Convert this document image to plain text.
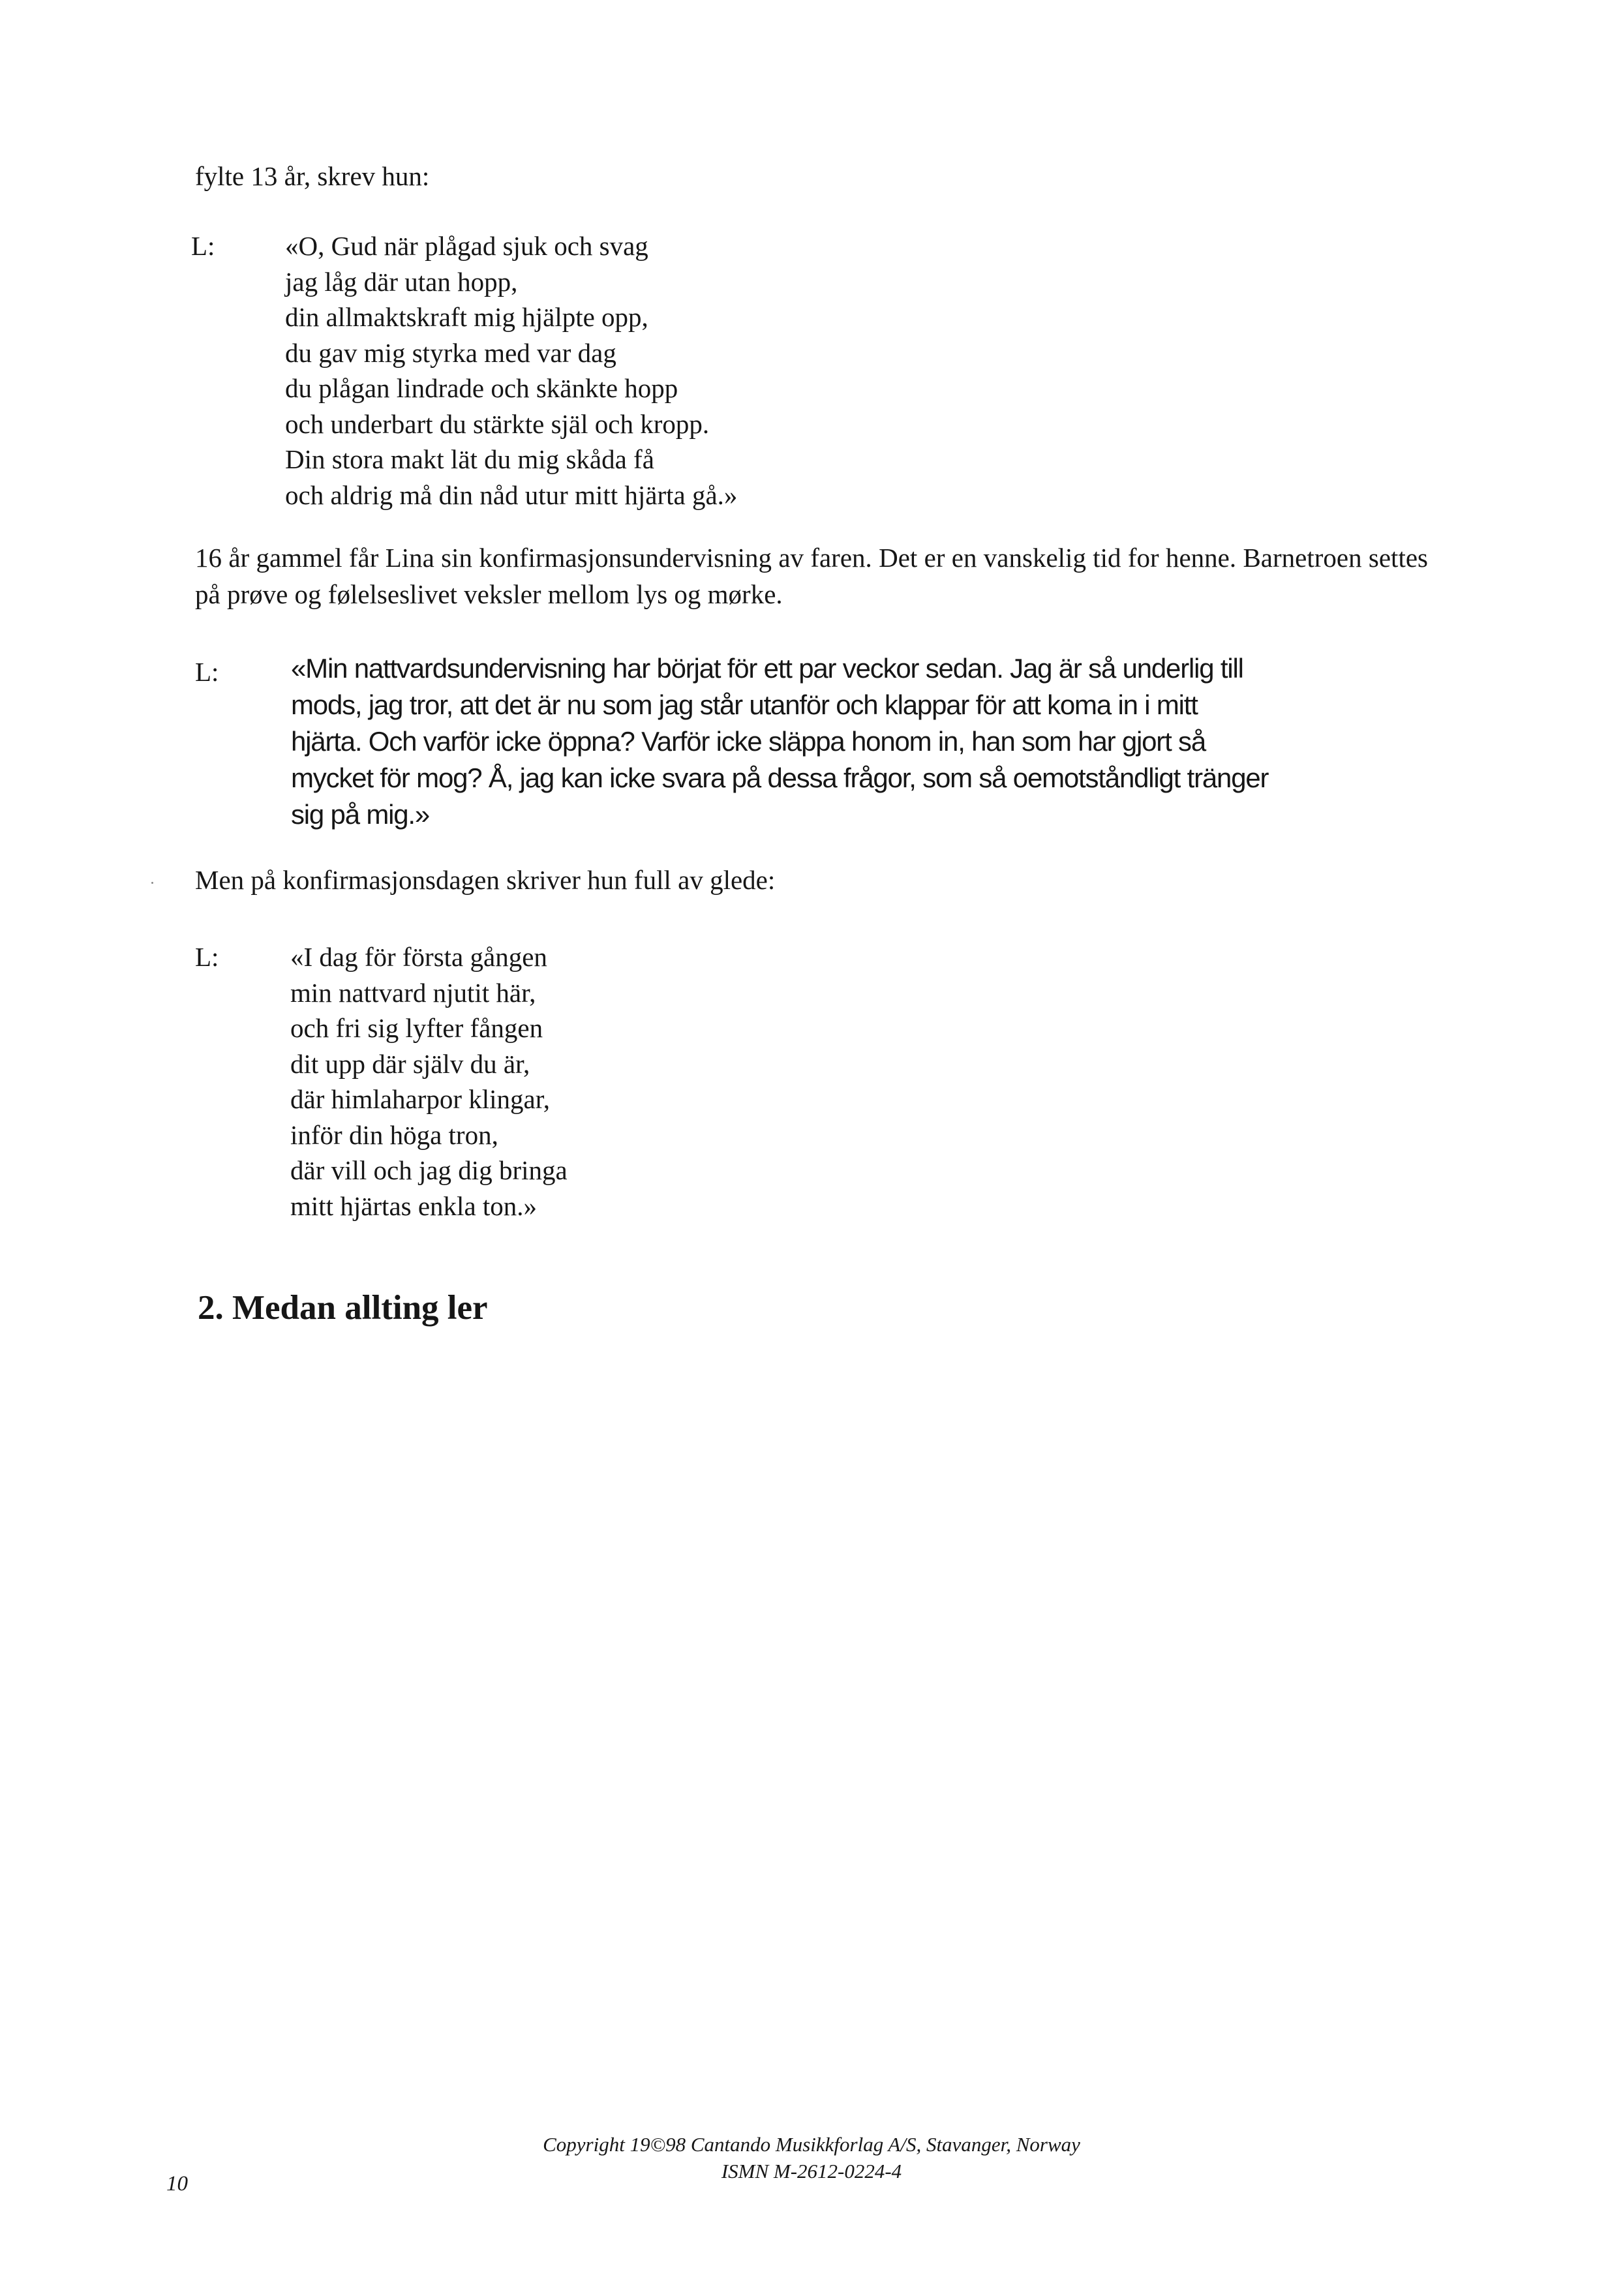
fylte 13 år, skrev hun:
L:	«O, Gud när plågad sjuk och svag
jag låg där utan hopp,
din allmaktskraft mig hjälpte opp,
du gav mig styrka med var dag
du plågan lindrade och skänkte hopp
och underbart du stärkte själ och kropp.
Din stora makt lät du mig skåda få
och aldrig må din nåd utur mitt hjärta gå.»
16 år gammel får Lina sin konfirmasjonsundervisning av faren. Det er en vanskelig tid for henne. Barnetroen settes på prøve og følelseslivet veksler mellom lys og mørke.
L:	«Min nattvardsundervisning har börjat för ett par veckor sedan. Jag är så underlig till
mods, jag tror, att det är nu som jag står utanför och klappar för att koma in i mitt
hjärta. Och varför icke öppna? Varför icke släppa honom in, han som har gjort så
mycket för mog? Å, jag kan icke svara på dessa frågor, som så oemotståndligt tränger
sig på mig.»
Men på konfirmasjonsdagen skriver hun full av glede:
L:	«I dag för första gången
min nattvard njutit här,
och fri sig lyfter fången
dit upp där själv du är,
där himlaharpor klingar,
inför din höga tron,
där vill och jag dig bringa
mitt hjärtas enkla ton.»
2. Medan allting ler
Copyright 19©98 Cantando Musikkforlag A/S, Stavanger, Norway
ISMN M-2612-0224-4
10
